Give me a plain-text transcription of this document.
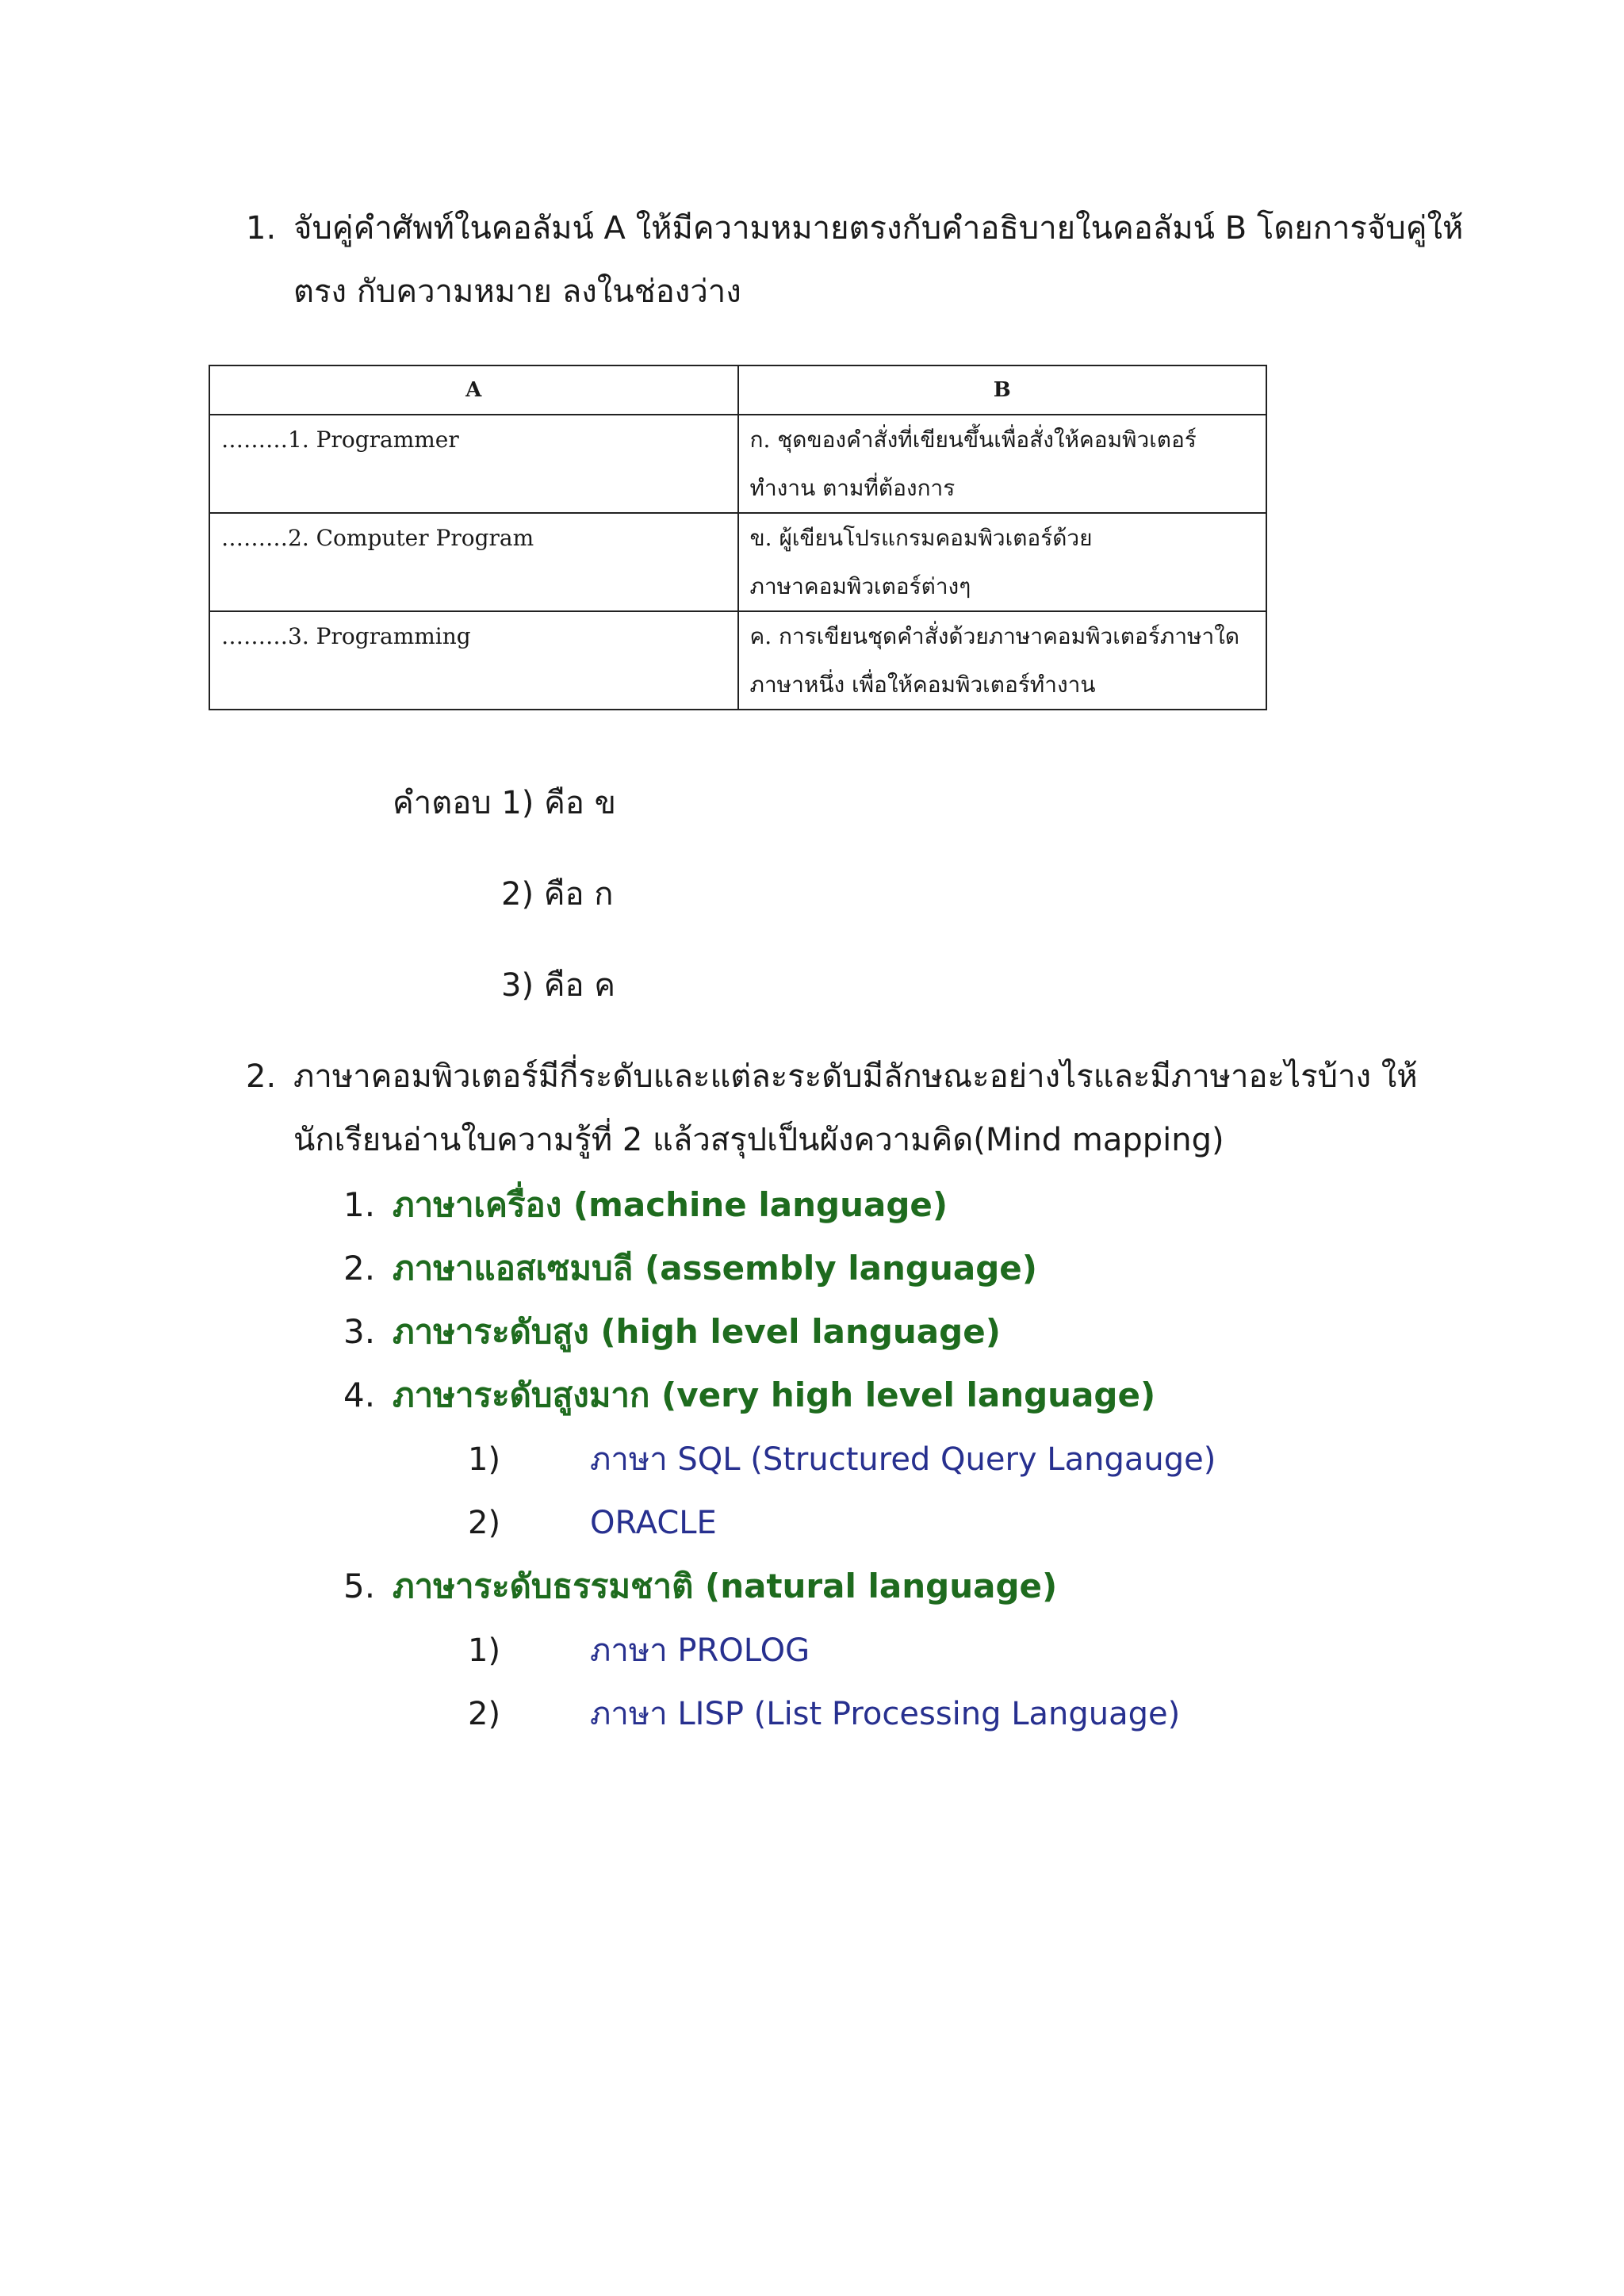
1. จับคู่คำศัพท์ในคอลัมน์ A ให้มีความหมายตรงกับคำอธิบายในคอลัมน์ B โดยการจับคู่ให้
ตรง กับความหมาย ลงในช่องว่าง
A	B
………1. Programmer	ก. ชุดของคำสั่งที่เขียนขึ้นเพื่อสั่งให้คอมพิวเตอร์
ทำงาน ตามที่ต้องการ

………2. Computer Program	ข. ผู้เขียนโปรแกรมคอมพิวเตอร์ด้วย
ภาษาคอมพิวเตอร์ต่างๆ

………3. Programming	ค. การเขียนชุดคำสั่งด้วยภาษาคอมพิวเตอร์ภาษาใด
ภาษาหนึ่ง เพื่อให้คอมพิวเตอร์ทำงาน
คำตอบ 1) คือ ข
2) คือ ก
3) คือ ค
2. ภาษาคอมพิวเตอร์มีกี่ระดับและแต่ละระดับมีลักษณะอย่างไรและมีภาษาอะไรบ้าง ให้
นักเรียนอ่านใบความรู้ที่ 2 แล้วสรุปเป็นผังความคิด(Mind mapping)
1. ภาษาเครื่อง (machine language)
2. ภาษาแอสเซมบลี (assembly language)
3. ภาษาระดับสูง (high level language)
4. ภาษาระดับสูงมาก (very high level language)
1)	ภาษา SQL (Structured Query Langauge)
2)	ORACLE
5. ภาษาระดับธรรมชาติ (natural language)
1)	ภาษา PROLOG
2)	ภาษา LISP (List Processing Language)
